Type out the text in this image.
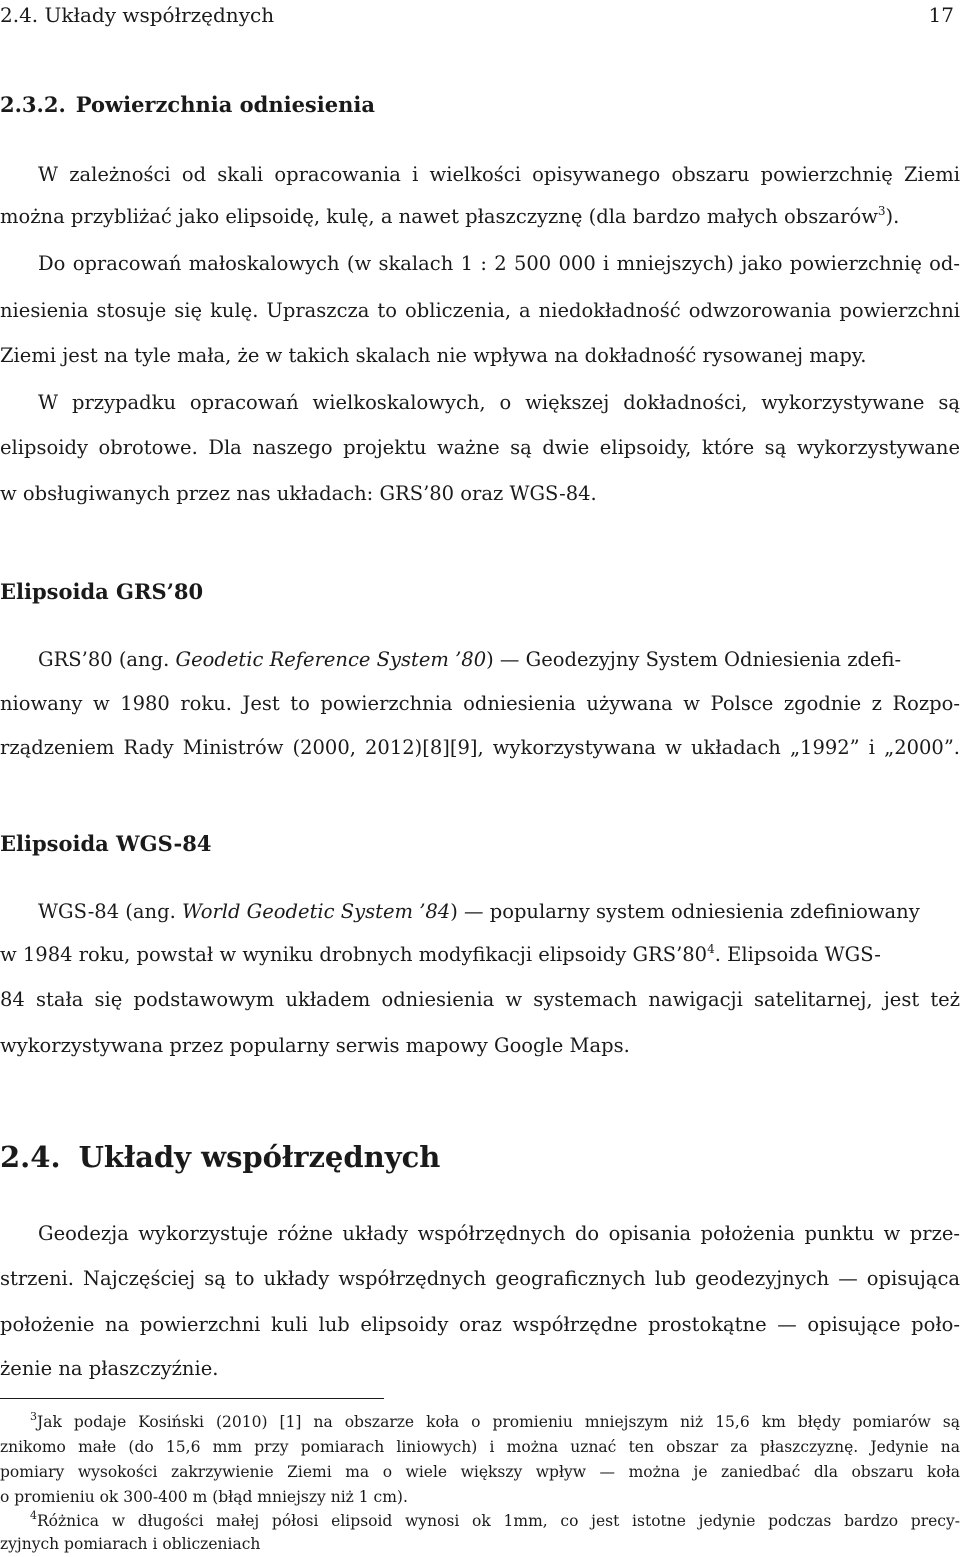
2.4. Układy współrzędnych	17
2.3.2. Powierzchnia odniesienia
W zależności od skali opracowania i wielkości opisywanego obszaru powierzchnię Ziemi
można przybliżać jako elipsoidę, kulę, a nawet płaszczyznę (dla bardzo małych obszarów$^3$).
Do opracowań małoskalowych (w skalach 1 : 2 500 000 i mniejszych) jako powierzchnię od-
niesienia stosuje się kulę. Upraszcza to obliczenia, a niedokładność odwzorowania powierzchni
Ziemi jest na tyle mała, że w takich skalach nie wpływa na dokładność rysowanej mapy.
W przypadku opracowań wielkoskalowych, o większej dokładności, wykorzystywane są
elipsoidy obrotowe. Dla naszego projektu ważne są dwie elipsoidy, które są wykorzystywane
w obsługiwanych przez nas układach: GRS’80 oraz WGS-84.
Elipsoida GRS’80
GRS’80 (ang. Geodetic Reference System ’80) — Geodezyjny System Odniesienia zdefi-
niowany w 1980 roku. Jest to powierzchnia odniesienia używana w Polsce zgodnie z Rozpo-
rządzeniem Rady Ministrów (2000, 2012)[8][9], wykorzystywana w układach „1992” i „2000”.
Elipsoida WGS-84
WGS-84 (ang. World Geodetic System ’84) — popularny system odniesienia zdefiniowany
w 1984 roku, powstał w wyniku drobnych modyfikacji elipsoidy $GRS’80^4$. Elipsoida WGS-
84 stała się podstawowym układem odniesienia w systemach nawigacji satelitarnej, jest też
wykorzystywana przez popularny serwis mapowy Google Maps.
2.4. Układy współrzędnych
Geodezja wykorzystuje różne układy współrzędnych do opisania położenia punktu w prze-
strzeni. Najczęściej są to układy współrzędnych geograficznych lub geodezyjnych — opisująca
położenie na powierzchni kuli lub elipsoidy oraz współrzędne prostokątne — opisujące poło-
żenie na płaszczyźnie.
$^3$Jak podaje Kosiński (2010) [1] na obszarze koła o promieniu mniejszym niż 15,6 km błędy pomiarów są
znikomo małe (do 15,6 mm przy pomiarach liniowych) i można uznać ten obszar za płaszczyznę. Jedynie na
pomiary wysokości zakrzywienie Ziemi ma o wiele większy wpływ — można je zaniedbać dla obszaru koła
o promieniu ok 300-400 m (błąd mniejszy niż 1 cm).
$^4$Różnica w długości małej półosi elipsoid wynosi ok 1mm, co jest istotne jedynie podczas bardzo precy-
zyjnych pomiarach i obliczeniach
